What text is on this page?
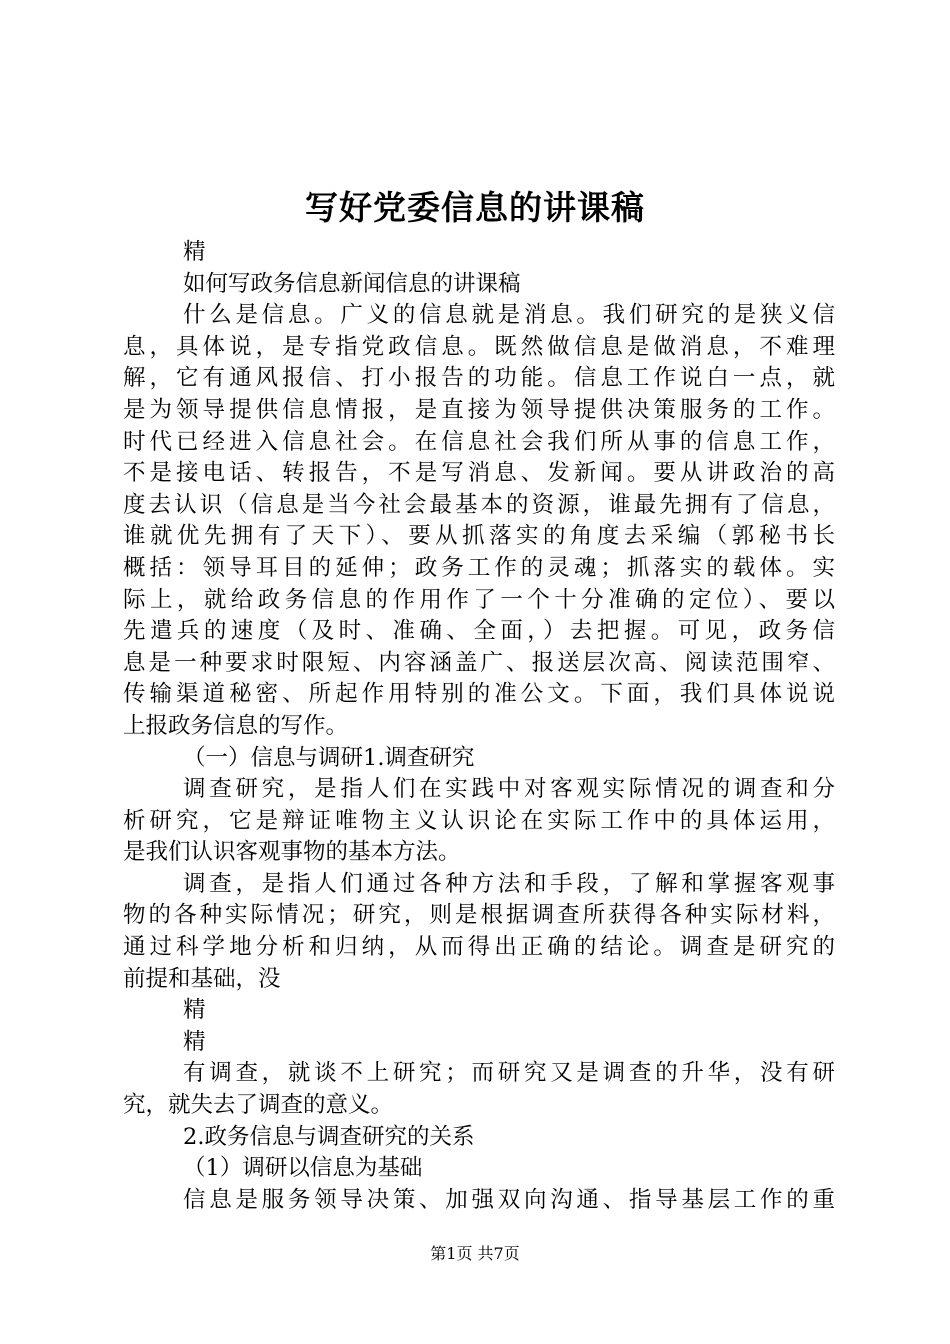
写好党委信息的讲课稿
精
如何写政务信息新闻信息的讲课稿
什么是信息。广义的信息就是消息。我们研究的是狭义信
息，具体说，是专指党政信息。既然做信息是做消息，不难理
解，它有通风报信、打小报告的功能。信息工作说白一点，就
是为领导提供信息情报，是直接为领导提供决策服务的工作。
时代已经进入信息社会。在信息社会我们所从事的信息工作，
不是接电话、转报告，不是写消息、发新闻。要从讲政治的高
度去认识（信息是当今社会最基本的资源，谁最先拥有了信息，
谁就优先拥有了天下）、要从抓落实的角度去采编（郭秘书长
概括：领导耳目的延伸；政务工作的灵魂；抓落实的载体。实
际上，就给政务信息的作用作了一个十分准确的定位）、要以
先遣兵的速度（及时、准确、全面，）去把握。可见，政务信
息是一种要求时限短、内容涵盖广、报送层次高、阅读范围窄、
传输渠道秘密、所起作用特别的准公文。下面，我们具体说说
上报政务信息的写作。
（一）信息与调研1.调查研究
调查研究，是指人们在实践中对客观实际情况的调查和分
析研究，它是辩证唯物主义认识论在实际工作中的具体运用，
是我们认识客观事物的基本方法。
调查，是指人们通过各种方法和手段，了解和掌握客观事
物的各种实际情况；研究，则是根据调查所获得各种实际材料，
通过科学地分析和归纳，从而得出正确的结论。调查是研究的
前提和基础，没
精
精
有调查，就谈不上研究；而研究又是调查的升华，没有研
究，就失去了调查的意义。
2.政务信息与调查研究的关系
（1）调研以信息为基础
信息是服务领导决策、加强双向沟通、指导基层工作的重
第1页 共7页
